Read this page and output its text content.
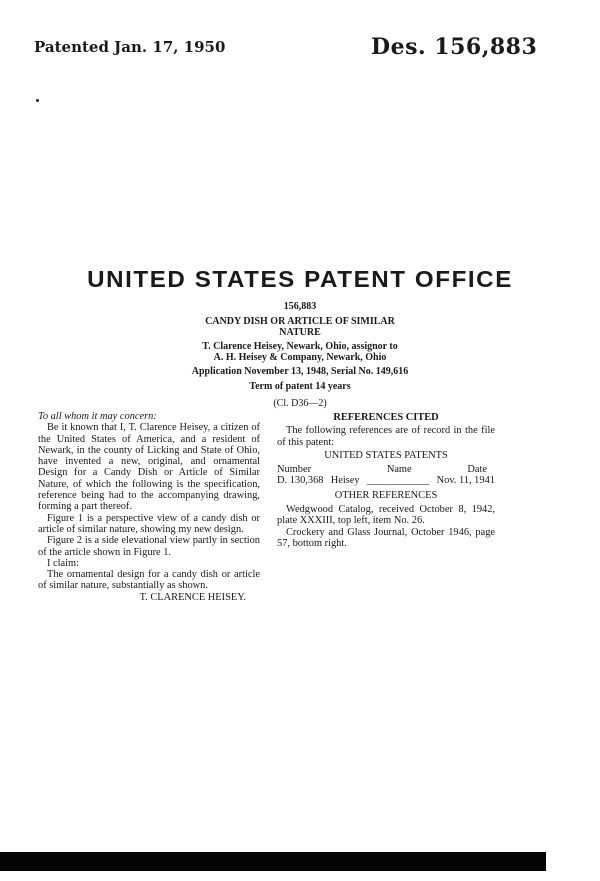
Patented Jan. 17, 1950	Des. 156,883
UNITED STATES PATENT OFFICE
156,883
CANDY DISH OR ARTICLE OF SIMILAR
NATURE
T. Clarence Heisey, Newark, Ohio, assignor to
A. H. Heisey & Company, Newark, Ohio
Application November 13, 1948, Serial No. 149,616
Term of patent 14 years
(Cl. D36—2)

To all whom it may concern:

Be it known that I, T. Clarence Heisey, a citizen of the United States of America, and a resident of Newark, in the county of Licking and State of Ohio, have invented a new, original, and ornamental Design for a Candy Dish or Article of Similar Nature, of which the following is the specification, reference being had to the accompanying drawing, forming a part thereof.

Figure 1 is a perspective view of a candy dish or article of similar nature, showing my new design.

Figure 2 is a side elevational view partly in section of the article shown in Figure 1.

I claim:

The ornamental design for a candy dish or article of similar nature, substantially as shown.

T. CLARENCE HEISEY.

REFERENCES CITED
The following references are of record in the file of this patent:
UNITED STATES PATENTS
Number	Name	Date
D. 130,368 Heisey ____________ Nov. 11, 1941
OTHER REFERENCES
Wedgwood Catalog, received October 8, 1942, plate XXXIII, top left, item No. 26.
Crockery and Glass Journal, October 1946, page 57, bottom right.
